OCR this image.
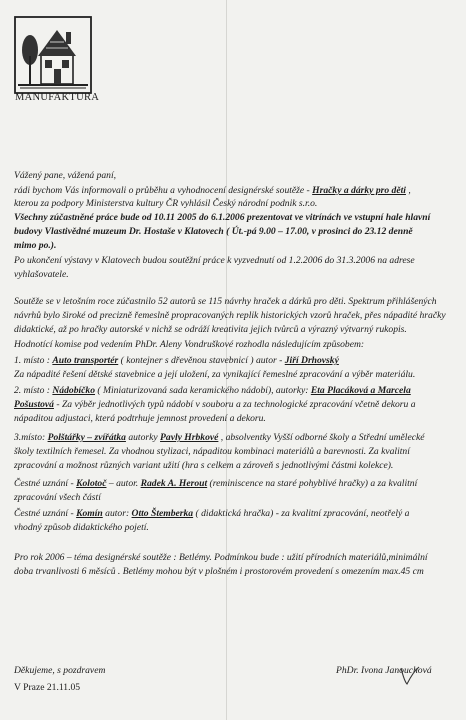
MANUFAKTURA
Vážený pane, vážená paní,
rádi bychom Vás informovali o průběhu a vyhodnocení designérské soutěže - Hračky a dárky pro děti ,
kterou za podpory Ministerstva kultury ČR vyhlásil Český národní podnik s.r.o.
Všechny zúčastněné práce bude od 10.11 2005 do 6.1.2006 prezentovat ve vitrínách ve vstupní hale hlavní
budovy Vlastivědné muzeum Dr. Hostaše v Klatovech ( Út.-pá 9.00 – 17.00, v prosinci do 23.12 denně
mimo po.).
Po ukončení výstavy v Klatovech budou soutěžní práce k vyzvednutí od 1.2.2006 do 31.3.2006 na adrese
vyhlašovatele.
Soutěže se v letošním roce zúčastnilo 52 autorů se 115 návrhy hraček a dárků pro děti. Spektrum přihlášených
návrhů bylo široké od precizně řemeslně propracovaných replik historických vzorů hraček, přes nápadité hračky
didaktické, až po hračky autorské v nichž se odráží kreativita jejich tvůrců a výrazný výtvarný rukopis.
Hodnotící komise pod vedením PhDr. Aleny Vondruškové rozhodla následujícím způsobem:
1. místo : Auto transportér ( kontejner s dřevěnou stavebnicí ) autor - Jiří Drhovský
Za nápadité řešení dětské stavebnice a její uložení, za vynikající řemeslné zpracování a výběr materiálu.
2. místo : Nádobíčko ( Miniaturizovaná sada keramického nádobí), autorky: Eta Placáková a Marcela
Pošustová - Za výběr jednotlivých typů nádobí v souboru a za technologické zpracování včetně dekoru a
nápaditou adjustaci, která podtrhuje jemnost provedení a dekoru.
3.místo: Polštářky – zvířátka autorky Pavly Hrbkové , absolventky Vyšší odborné školy a Střední umělecké
školy textilních řemesel. Za vhodnou stylizaci, nápaditou kombinaci materiálů a barevnosti. Za kvalitní
zpracování a možnost různých variant užití (hra s celkem a zároveň s jednotlivými částmi kolekce).
Čestné uznání - Kolotoč – autor. Radek A. Herout (reminiscence na staré pohyblivé hračky) a za kvalitní
zpracování všech částí
Čestné uznání - Komín autor: Otto Štemberka ( didaktická hračka) - za kvalitní zpracování, neotřelý a
vhodný způsob didaktického pojetí.
Pro rok 2006 – téma designérské soutěže : Betlémy. Podmínkou bude : užití přírodních materiálů,minimální
doba trvanlivosti 6 měsíců . Betlémy mohou být v plošném i prostorovém provedení s omezením max.45 cm
Děkujeme, s pozdravem
V Praze 21.11.05
PhDr. Ivona Janouchová
